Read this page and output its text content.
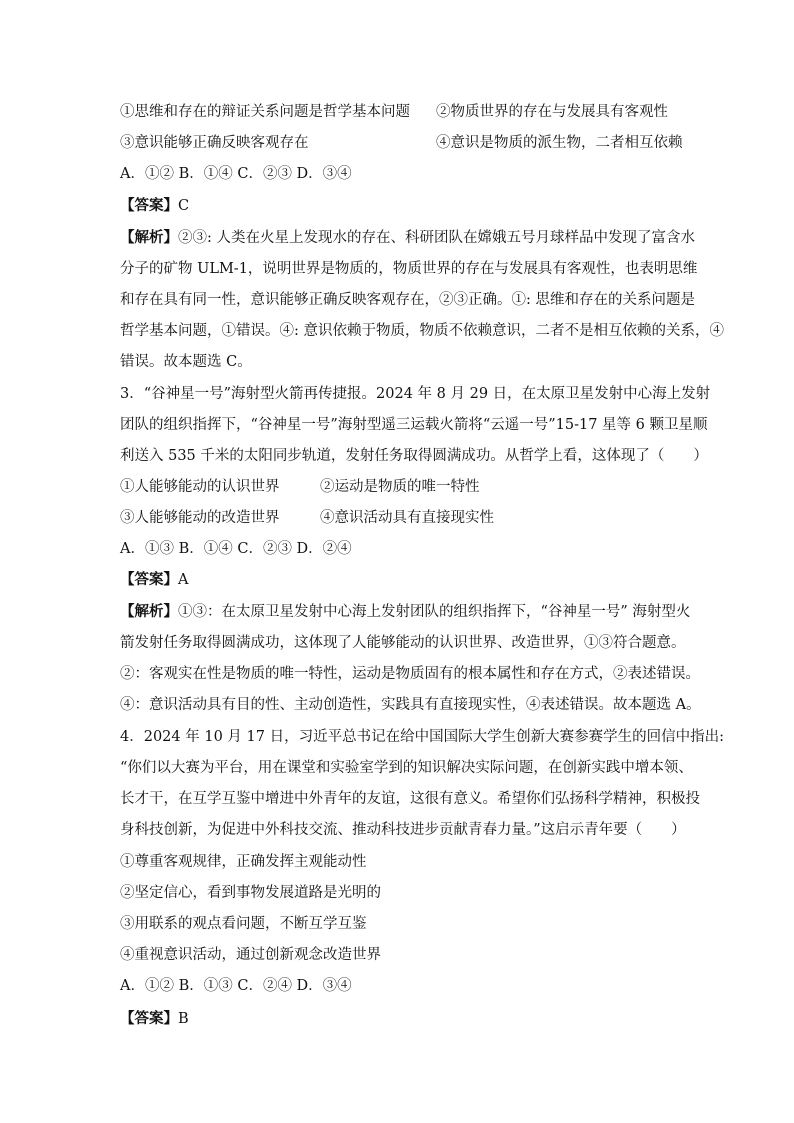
①思维和存在的辩证关系问题是哲学基本问题 ②物质世界的存在与发展具有客观性
③意识能够正确反映客观存在	④意识是物质的派生物，二者相互依赖
A．①② B．①④ C．②③ D．③④
【答案】C
【解析】②③: 人类在火星上发现水的存在、科研团队在嫦娥五号月球样品中发现了富含水
分子的矿物 ULM-1，说明世界是物质的，物质世界的存在与发展具有客观性，也表明思维
和存在具有同一性，意识能够正确反映客观存在，②③正确。①: 思维和存在的关系问题是
哲学基本问题，①错误。④: 意识依赖于物质，物质不依赖意识，二者不是相互依赖的关系，④
错误。故本题选 C。
3．“谷神星一号”海射型火箭再传捷报。2024 年 8 月 29 日，在太原卫星发射中心海上发射
团队的组织指挥下，“谷神星一号”海射型遥三运载火箭将“云遥一号”15-17 星等 6 颗卫星顺
利送入 535 千米的太阳同步轨道，发射任务取得圆满成功。从哲学上看，这体现了（　　）
①人能够能动的认识世界	②运动是物质的唯一特性
③人能够能动的改造世界	④意识活动具有直接现实性
A．①③ B．①④ C．②③ D．②④
【答案】A
【解析】①③：在太原卫星发射中心海上发射团队的组织指挥下，“谷神星一号” 海射型火
箭发射任务取得圆满成功，这体现了人能够能动的认识世界、改造世界，①③符合题意。
②：客观实在性是物质的唯一特性，运动是物质固有的根本属性和存在方式，②表述错误。
④：意识活动具有目的性、主动创造性，实践具有直接现实性，④表述错误。故本题选 A。
4．2024 年 10 月 17 日，习近平总书记在给中国国际大学生创新大赛参赛学生的回信中指出:
“你们以大赛为平台，用在课堂和实验室学到的知识解决实际问题，在创新实践中增本领、
长才干，在互学互鉴中增进中外青年的友谊，这很有意义。希望你们弘扬科学精神，积极投
身科技创新，为促进中外科技交流、推动科技进步贡献青春力量。”这启示青年要（　　）
①尊重客观规律，正确发挥主观能动性
②坚定信心，看到事物发展道路是光明的
③用联系的观点看问题，不断互学互鉴
④重视意识活动，通过创新观念改造世界
A．①② B．①③ C．②④ D．③④
【答案】B
